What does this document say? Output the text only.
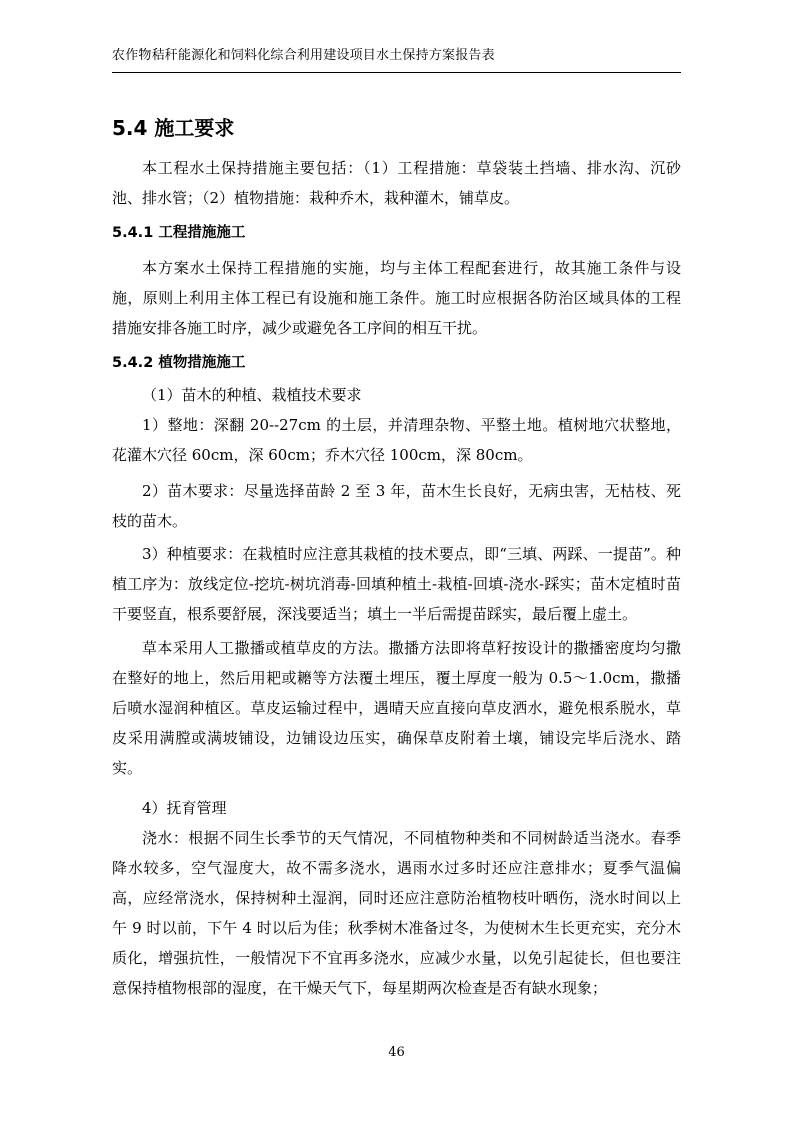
农作物秸秆能源化和饲料化综合利用建设项目水土保持方案报告表
5.4 施工要求

本工程水土保持措施主要包括：（1）工程措施：草袋装土挡墙、排水沟、沉砂池、排水管；（2）植物措施：栽种乔木，栽种灌木，铺草皮。

5.4.1 工程措施施工

本方案水土保持工程措施的实施，均与主体工程配套进行，故其施工条件与设施，原则上利用主体工程已有设施和施工条件。施工时应根据各防治区域具体的工程措施安排各施工时序，减少或避免各工序间的相互干扰。

5.4.2 植物措施施工

（1）苗木的种植、栽植技术要求

1）整地：深翻 20--27cm 的土层，并清理杂物、平整土地。植树地穴状整地，花灌木穴径 60cm，深 60cm；乔木穴径 100cm，深 80cm。

2）苗木要求：尽量选择苗龄 2 至 3 年，苗木生长良好，无病虫害，无枯枝、死枝的苗木。

3）种植要求：在栽植时应注意其栽植的技术要点，即“三填、两踩、一提苗”。种植工序为：放线定位-挖坑-树坑消毒-回填种植土-栽植-回填-浇水-踩实；苗木定植时苗干要竖直，根系要舒展，深浅要适当；填土一半后需提苗踩实，最后覆上虚土。

草本采用人工撒播或植草皮的方法。撒播方法即将草籽按设计的撒播密度均匀撒在整好的地上，然后用耙或耱等方法覆土埋压，覆土厚度一般为 0.5～1.0cm，撒播后喷水湿润种植区。草皮运输过程中，遇晴天应直接向草皮洒水，避免根系脱水，草皮采用满膛或满坡铺设，边铺设边压实，确保草皮附着土壤，铺设完毕后浇水、踏实。

4）抚育管理

浇水：根据不同生长季节的天气情况，不同植物种类和不同树龄适当浇水。春季降水较多，空气湿度大，故不需多浇水，遇雨水过多时还应注意排水；夏季气温偏高，应经常浇水，保持树种土湿润，同时还应注意防治植物枝叶晒伤，浇水时间以上午 9 时以前，下午 4 时以后为佳；秋季树木准备过冬，为使树木生长更充实，充分木质化，增强抗性，一般情况下不宜再多浇水，应减少水量，以免引起徒长，但也要注意保持植物根部的湿度，在干燥天气下，每星期两次检查是否有缺水现象；

46
